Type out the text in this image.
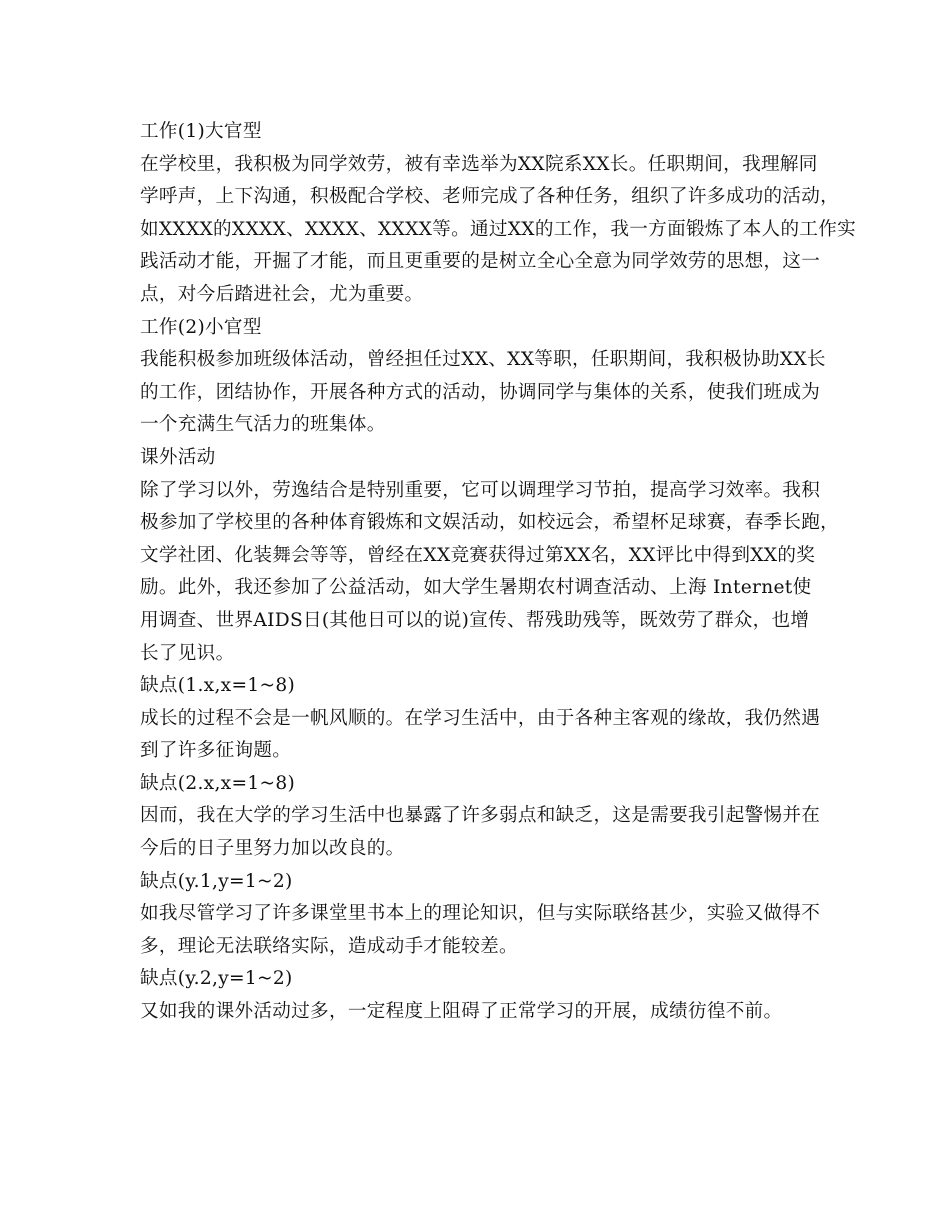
工作(1)大官型
在学校里，我积极为同学效劳，被有幸选举为XX院系XX长。任职期间，我理解同
学呼声，上下沟通，积极配合学校、老师完成了各种任务，组织了许多成功的活动，
如XXXX的XXXX、XXXX、XXXX等。通过XX的工作，我一方面锻炼了本人的工作实
践活动才能，开掘了才能，而且更重要的是树立全心全意为同学效劳的思想，这一
点，对今后踏进社会，尤为重要。
工作(2)小官型
我能积极参加班级体活动，曾经担任过XX、XX等职，任职期间，我积极协助XX长
的工作，团结协作，开展各种方式的活动，协调同学与集体的关系，使我们班成为
一个充满生气活力的班集体。
课外活动
除了学习以外，劳逸结合是特别重要，它可以调理学习节拍，提高学习效率。我积
极参加了学校里的各种体育锻炼和文娱活动，如校远会，希望杯足球赛，春季长跑，
文学社团、化装舞会等等，曾经在XX竞赛获得过第XX名，XX评比中得到XX的奖
励。此外，我还参加了公益活动，如大学生暑期农村调查活动、上海 Internet使
用调查、世界AIDS日(其他日可以的说)宣传、帮残助残等，既效劳了群众，也增
长了见识。
缺点(1.x,x=1~8)
成长的过程不会是一帆风顺的。在学习生活中，由于各种主客观的缘故，我仍然遇
到了许多征询题。
缺点(2.x,x=1~8)
因而，我在大学的学习生活中也暴露了许多弱点和缺乏，这是需要我引起警惕并在
今后的日子里努力加以改良的。
缺点(y.1,y=1~2)
如我尽管学习了许多课堂里书本上的理论知识，但与实际联络甚少，实验又做得不
多，理论无法联络实际，造成动手才能较差。
缺点(y.2,y=1~2)
又如我的课外活动过多，一定程度上阻碍了正常学习的开展，成绩彷徨不前。
